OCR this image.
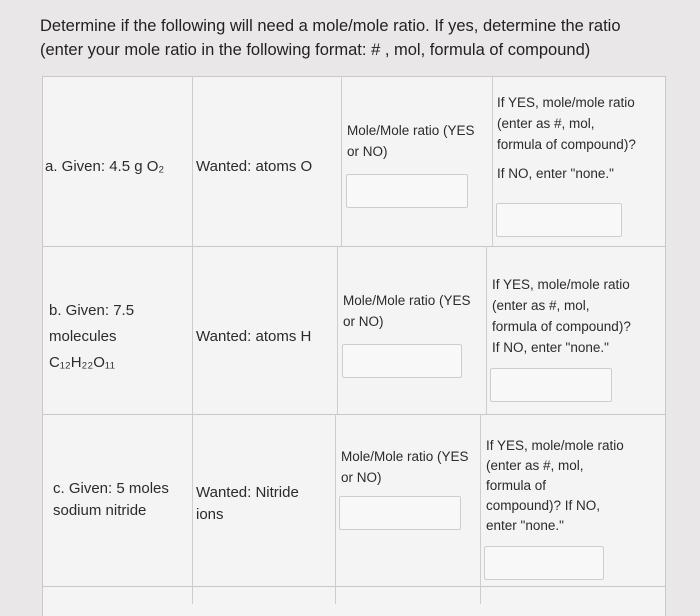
Determine if the following will need a mole/mole ratio. If yes, determine the ratio
(enter your mole ratio in the following format: # , mol, formula of compound)
a. Given: 4.5 g O₂ Wanted: atoms O
Mole/Mole ratio (YES
or NO)
If YES, mole/mole ratio
(enter as #, mol,
formula of compound)?
If NO, enter "none."
b. Given: 7.5
molecules
C₁₂H₂₂O₁₁
Wanted: atoms H
Mole/Mole ratio (YES
or NO)
If YES, mole/mole ratio
(enter as #, mol,
formula of compound)?
If NO, enter "none."
c. Given: 5 moles
sodium nitride
Wanted: Nitride
ions
Mole/Mole ratio (YES
or NO)
If YES, mole/mole ratio
(enter as #, mol,
formula of
compound)? If NO,
enter "none."
